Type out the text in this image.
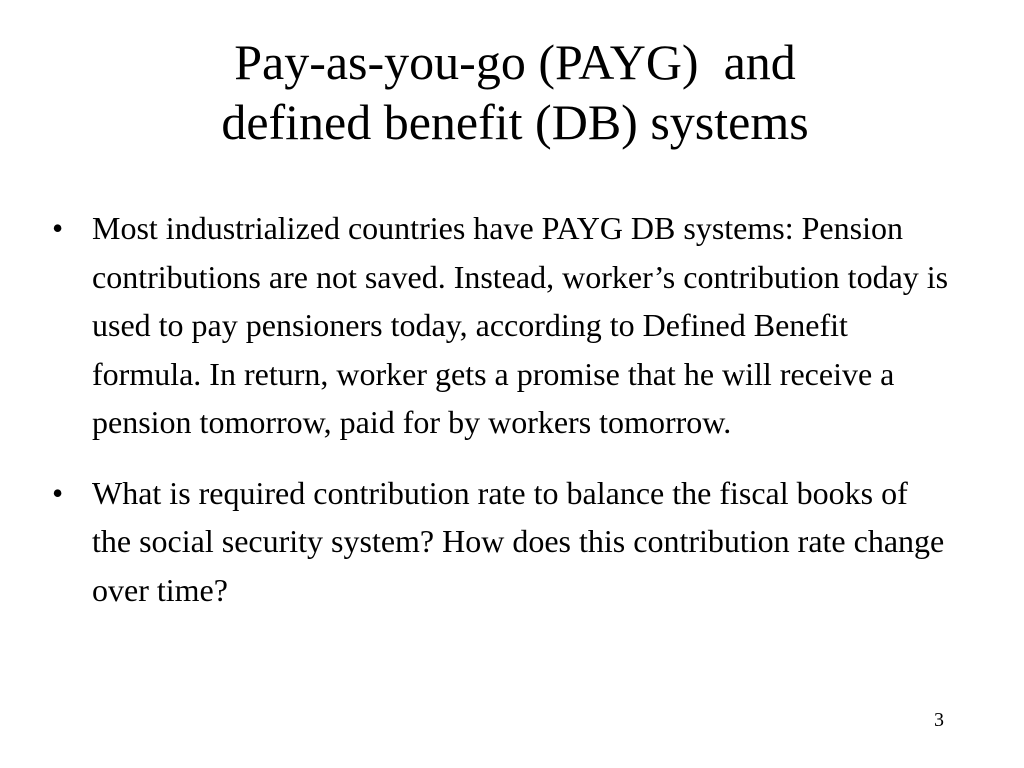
Pay-as-you-go (PAYG)  and
defined benefit (DB) systems
• Most industrialized countries have PAYG DB systems: Pension contributions are not saved. Instead, worker’s contribution today is used to pay pensioners today, according to Defined Benefit formula. In return, worker gets a promise that he will receive a pension tomorrow, paid for by workers tomorrow.
• What is required contribution rate to balance the fiscal books of the social security system? How does this contribution rate change over time?
3
